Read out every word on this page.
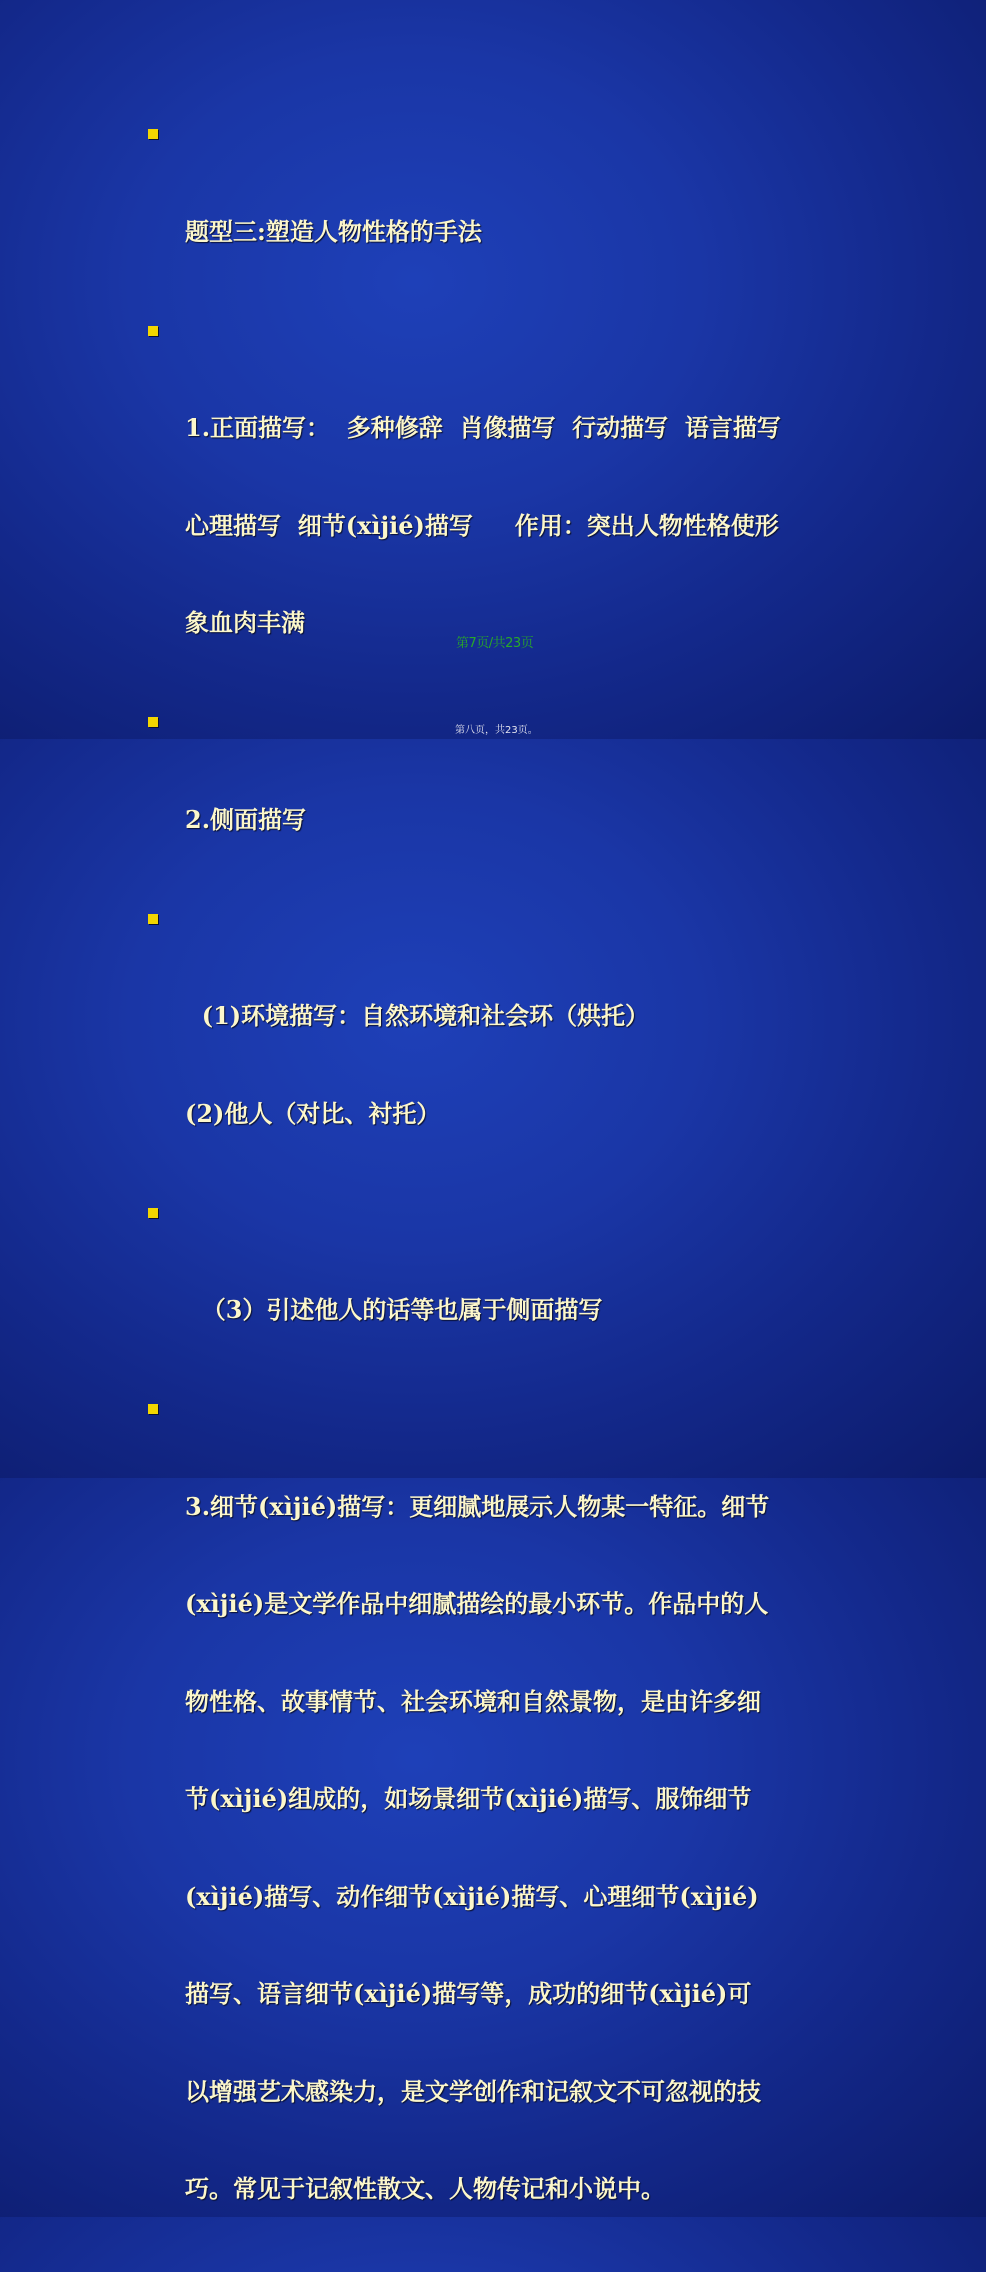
题型三:塑造人物性格的手法

1.正面描写：  多种修辞  肖像描写  行动描写  语言描写

心理描写  细节(xìjié)描写     作用：突出人物性格使形

象血肉丰满

2.侧面描写

(1)环境描写：自然环境和社会环（烘托）

(2)他人（对比、衬托）

（3）引述他人的话等也属于侧面描写

3.细节(xìjié)描写：更细腻地展示人物某一特征。细节

(xìjié)是文学作品中细腻描绘的最小环节。作品中的人

物性格、故事情节、社会环境和自然景物，是由许多细

节(xìjié)组成的，如场景细节(xìjié)描写、服饰细节

(xìjié)描写、动作细节(xìjié)描写、心理细节(xìjié)

描写、语言细节(xìjié)描写等，成功的细节(xìjié)可

以增强艺术感染力，是文学创作和记叙文不可忽视的技

巧。常见于记叙性散文、人物传记和小说中。

第7页/共23页
第八页，共23页。
